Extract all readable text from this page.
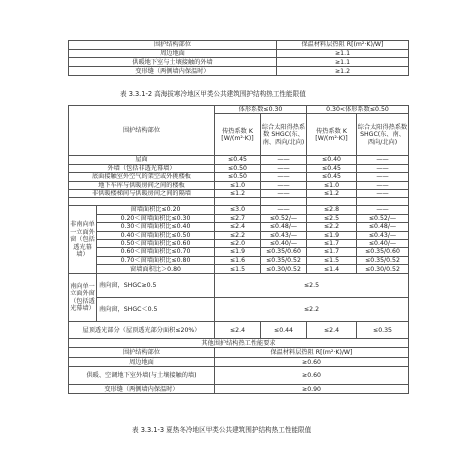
围护结构部位	保温材料层热阻 R[(m²·K)/W]
周边地面	≥1.1
供暖地下室与土壤接触的外墙	≥1.1
变形缝（两侧墙内保温时）	≥1.2
表 3.3.1-2 高海拔寒冷地区甲类公共建筑围护结构热工性能限值
围护结构部位		体形系数≤0.30		0.30<体形系数≤0.50	
		传热系数 K [W/(m²·K)]	综合太阳得热系数 SHGC(东、南、西向/北向)	传热系数 K [W/(m²·K)]	综合太阳得热系数 SHGC(东、南、西向/北向)
屋面		≤0.45	——	≤0.40	——
外墙（包括非透光幕墙）		≤0.50	——	≤0.45	——
底面接触室外空气的架空或外挑楼板		≤0.50	——	≤0.45	——
地下车库与供暖房间之间的楼板		≤1.0	——	≤1.0	——
非供暖楼梯间与供暖房间之间的隔墙		≤1.2	——	≤1.2	——

非南向单一立面外窗（包括透光幕墙）	窗墙面积比≤0.20	≤3.0	——	≤2.8	——
	0.20＜窗墙面积比≤0.30	≤2.7	≤0.52/—	≤2.5	≤0.52/—
	0.30＜窗墙面积比≤0.40	≤2.4	≤0.48/—	≤2.2	≤0.48/—
	0.40＜窗墙面积比≤0.50	≤2.2	≤0.43/—	≤1.9	≤0.43/—
	0.50＜窗墙面积比≤0.60	≤2.0	≤0.40/—	≤1.7	≤0.40/—
	0.60＜窗墙面积比≤0.70	≤1.9	≤0.35/0.60	≤1.7	≤0.35/0.60
	0.70＜窗墙面积比≤0.80	≤1.6	≤0.35/0.52	≤1.5	≤0.35/0.52
	窗墙面积比＞0.80	≤1.5	≤0.30/0.52	≤1.4	≤0.30/0.52
南向单一立面外窗（包括透光幕墙）	南向窗，SHGC≥0.5	≤2.5			
	南向窗，SHGC＜0.5	≤2.2			
屋顶透光部分（屋顶透光部分面积≤20%）		≤2.4	≤0.44	≤2.4	≤0.35
其他围护结构热工性能要求					
围护结构部位		保温材料层热阻 R[(m²·K)/W]			
周边地面		≥0.60			
供暖、空调地下室外墙(与土壤接触的墙)		≥0.60			
变形缝（两侧墙内保温时）		≥0.90			
表 3.3.1-3 夏热冬冷地区甲类公共建筑围护结构热工性能限值
